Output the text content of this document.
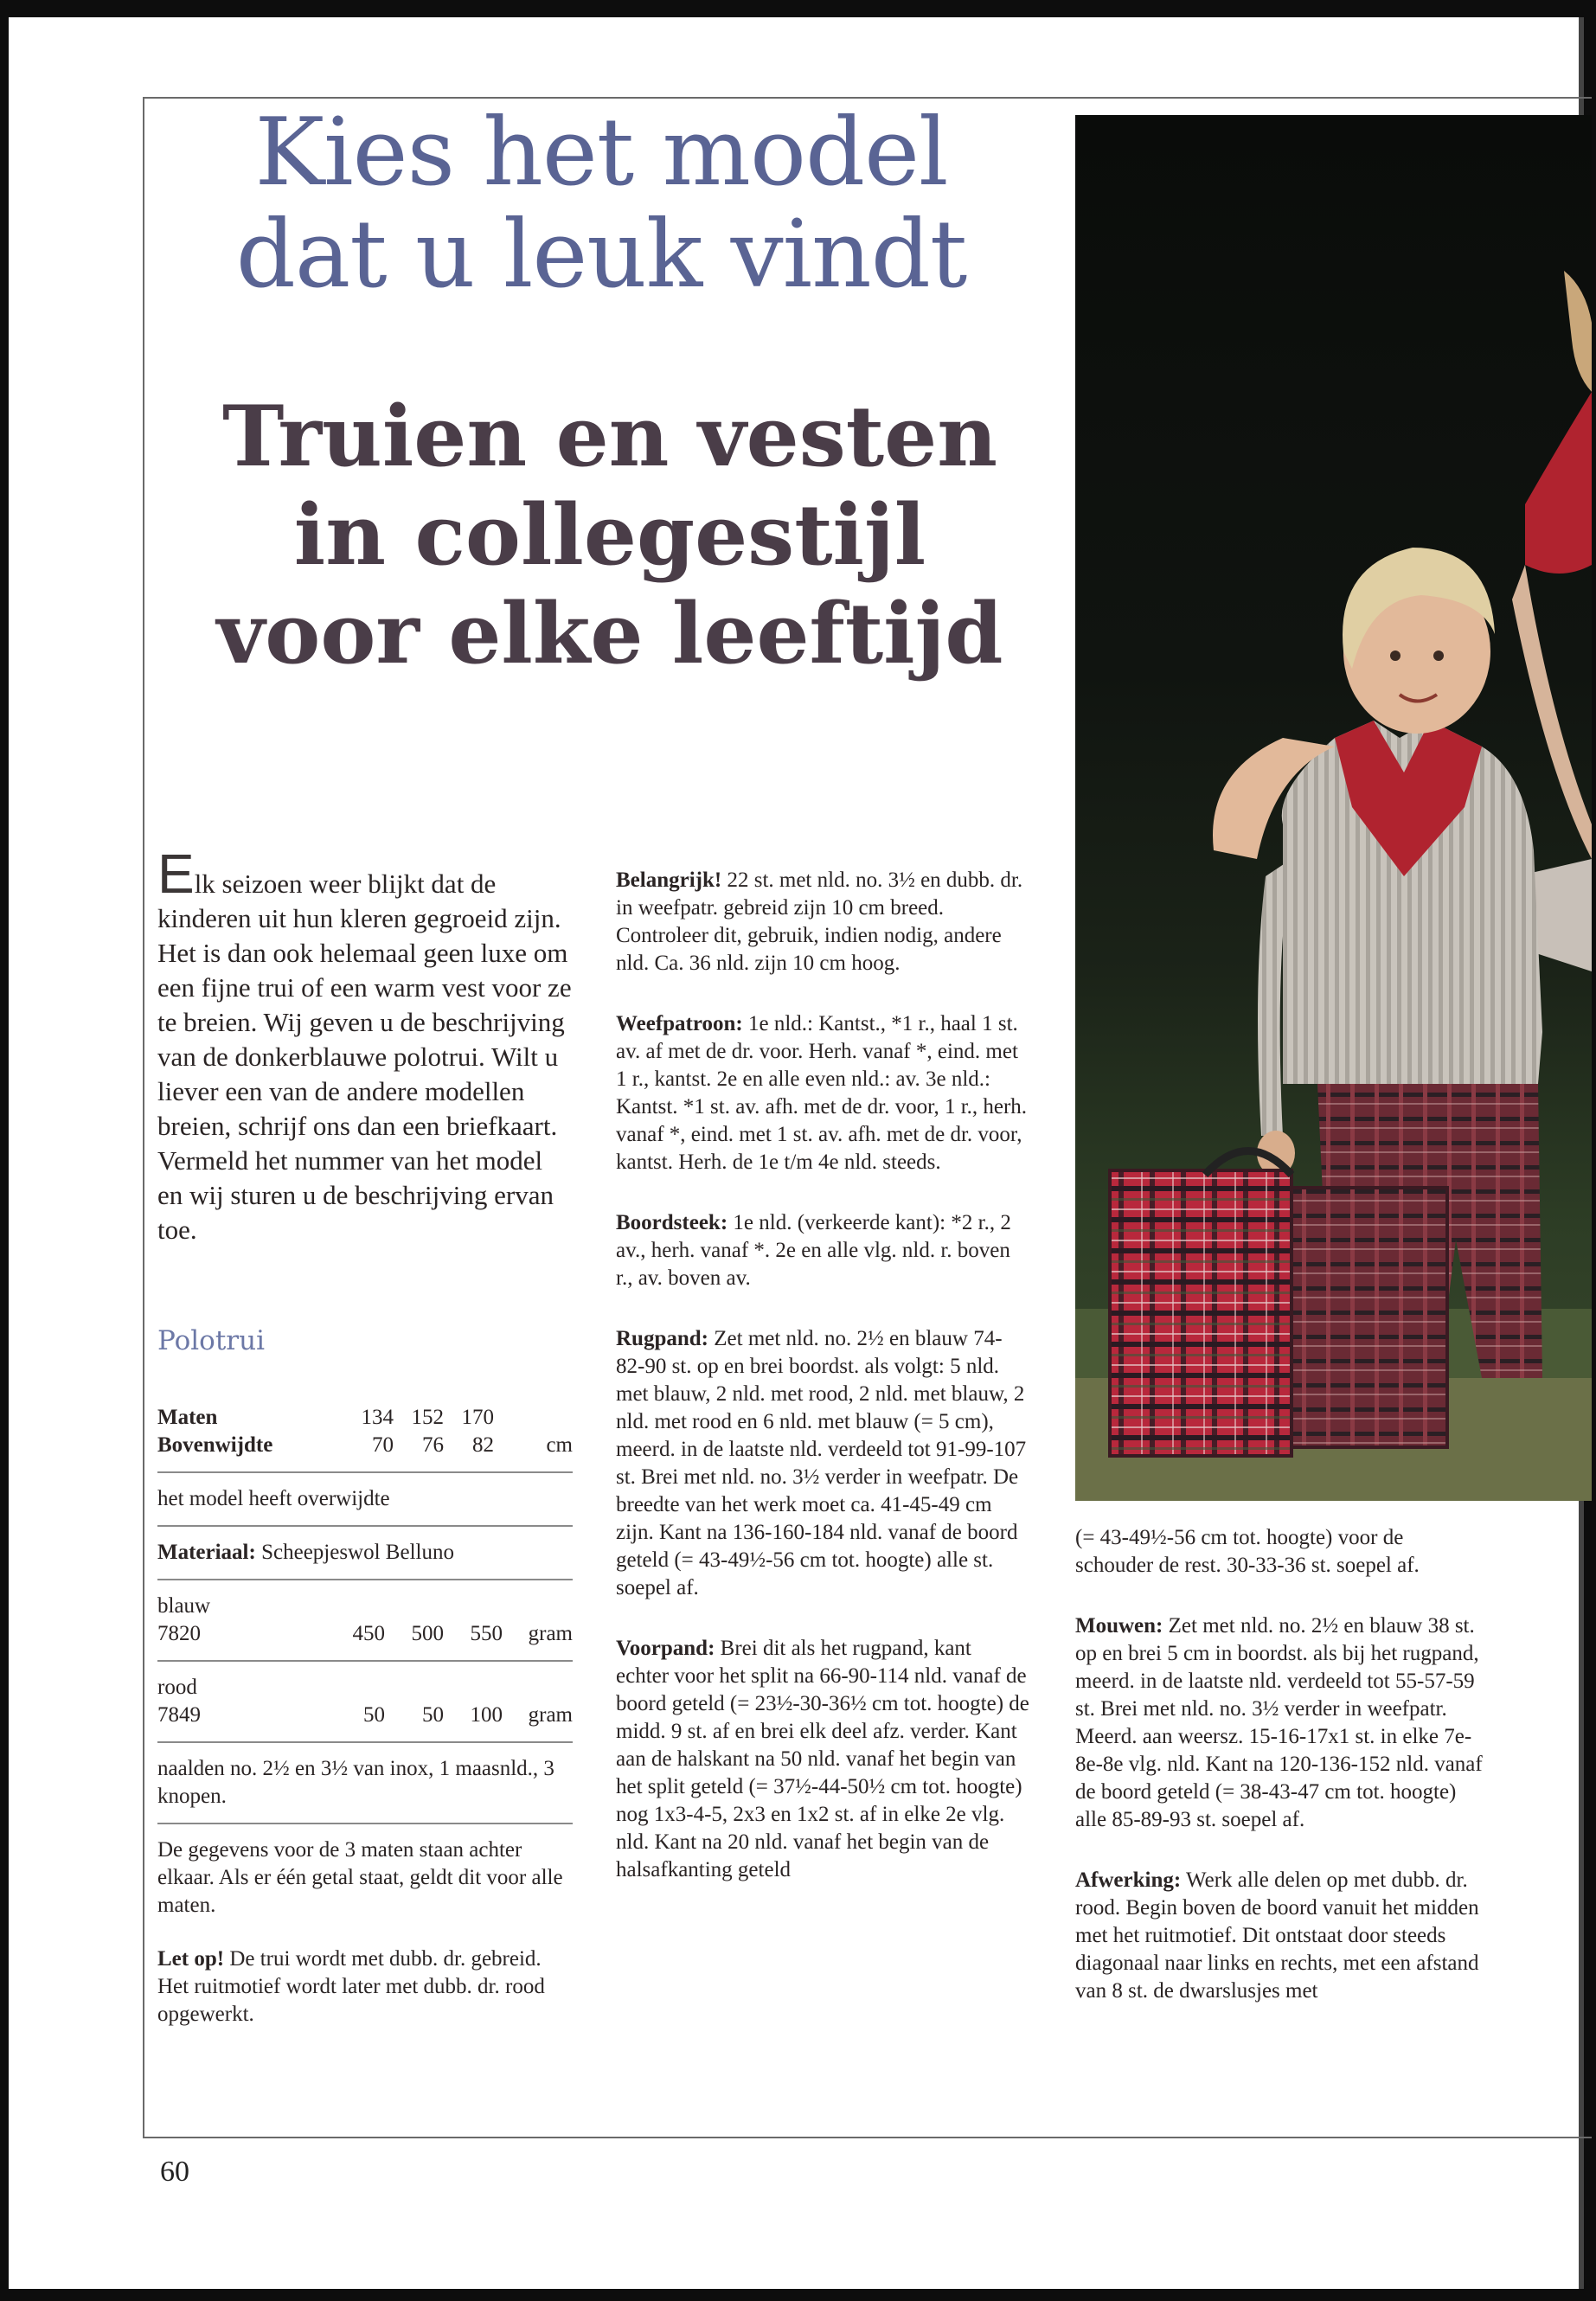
Kies het model
dat u leuk vindt
Truien en vesten
in collegestijl
voor elke leeftijd

Elk seizoen weer blijkt dat de kinderen uit hun kleren gegroeid zijn. Het is dan ook helemaal geen luxe om een fijne trui of een warm vest voor ze te breien. Wij geven u de beschrijving van de donkerblauwe polotrui. Wilt u liever een van de andere modellen breien, schrijf ons dan een briefkaart. Vermeld het nummer van het model en wij sturen u de beschrijving ervan toe.

Polotrui
Maten	134 152 170
Bovenwijdte	70	76	82 cm

het model heeft overwijdte

Materiaal: Scheepjeswol Belluno

blauw
7820	450	500	550 gram
rood
7849	50	50	100 gram

naalden no. 2½ en 3½ van inox, 1 maasnld., 3 knopen.

De gegevens voor de 3 maten staan achter elkaar. Als er één getal staat, geldt dit voor alle maten.

Let op! De trui wordt met dubb. dr. gebreid. Het ruitmotief wordt later met dubb. dr. rood opgewerkt.

Belangrijk! 22 st. met nld. no. 3½ en dubb. dr. in weefpatr. gebreid zijn 10 cm breed. Controleer dit, gebruik, indien nodig, andere nld. Ca. 36 nld. zijn 10 cm hoog.

Weefpatroon: 1e nld.: Kantst., *1 r., haal 1 st. av. af met de dr. voor. Herh. vanaf *, eind. met 1 r., kantst. 2e en alle even nld.: av. 3e nld.: Kantst. *1 st. av. afh. met de dr. voor, 1 r., herh. vanaf *, eind. met 1 st. av. afh. met de dr. voor, kantst. Herh. de 1e t/m 4e nld. steeds.

Boordsteek: 1e nld. (verkeerde kant): *2 r., 2 av., herh. vanaf *. 2e en alle vlg. nld. r. boven r., av. boven av.

Rugpand: Zet met nld. no. 2½ en blauw 74-82-90 st. op en brei boordst. als volgt: 5 nld. met blauw, 2 nld. met rood, 2 nld. met blauw, 2 nld. met rood en 6 nld. met blauw (= 5 cm), meerd. in de laatste nld. verdeeld tot 91-99-107 st. Brei met nld. no. 3½ verder in weefpatr. De breedte van het werk moet ca. 41-45-49 cm zijn. Kant na 136-160-184 nld. vanaf de boord geteld (= 43-49½-56 cm tot. hoogte) alle st. soepel af.

Voorpand: Brei dit als het rugpand, kant echter voor het split na 66-90-114 nld. vanaf de boord geteld (= 23½-30-36½ cm tot. hoogte) de midd. 9 st. af en brei elk deel afz. verder. Kant aan de halskant na 50 nld. vanaf het begin van het split geteld (= 37½-44-50½ cm tot. hoogte) nog 1x3-4-5, 2x3 en 1x2 st. af in elke 2e vlg. nld. Kant na 20 nld. vanaf het begin van de halsafkanting geteld

(= 43-49½-56 cm tot. hoogte) voor de schouder de rest. 30-33-36 st. soepel af.

Mouwen: Zet met nld. no. 2½ en blauw 38 st. op en brei 5 cm in boordst. als bij het rugpand, meerd. in de laatste nld. verdeeld tot 55-57-59 st. Brei met nld. no. 3½ verder in weefpatr. Meerd. aan weersz. 15-16-17x1 st. in elke 7e-8e-8e vlg. nld. Kant na 120-136-152 nld. vanaf de boord geteld (= 38-43-47 cm tot. hoogte) alle 85-89-93 st. soepel af.

Afwerking: Werk alle delen op met dubb. dr. rood. Begin boven de boord vanuit het midden met het ruitmotief. Dit ontstaat door steeds diagonaal naar links en rechts, met een afstand van 8 st. de dwarslusjes met

60
